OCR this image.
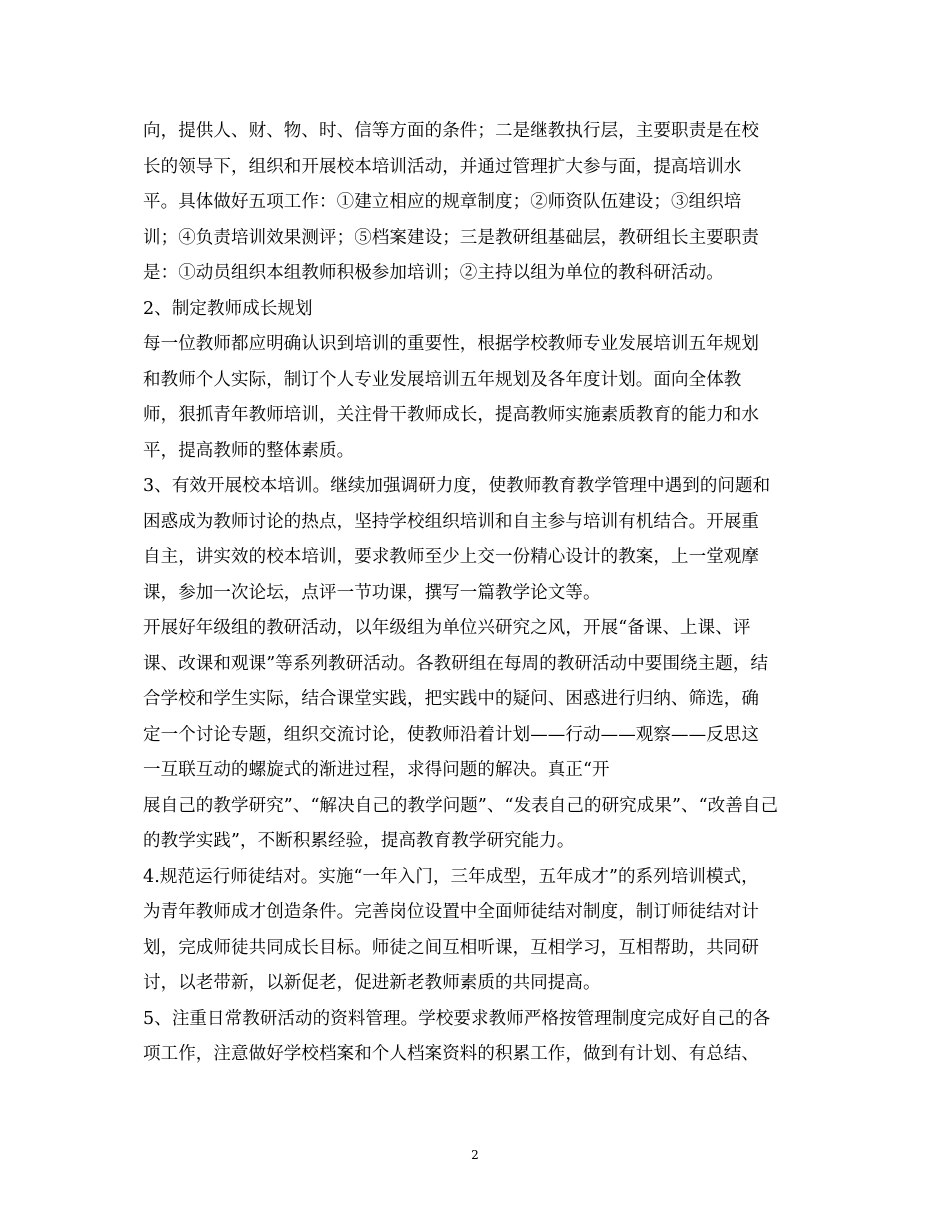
向，提供人、财、物、时、信等方面的条件；二是继教执行层，主要职责是在校
长的领导下，组织和开展校本培训活动，并通过管理扩大参与面，提高培训水
平。具体做好五项工作：①建立相应的规章制度；②师资队伍建设；③组织培
训；④负责培训效果测评；⑤档案建设；三是教研组基础层，教研组长主要职责
是：①动员组织本组教师积极参加培训；②主持以组为单位的教科研活动。
2、制定教师成长规划
每一位教师都应明确认识到培训的重要性，根据学校教师专业发展培训五年规划
和教师个人实际，制订个人专业发展培训五年规划及各年度计划。面向全体教
师，狠抓青年教师培训，关注骨干教师成长，提高教师实施素质教育的能力和水
平，提高教师的整体素质。
3、有效开展校本培训。继续加强调研力度，使教师教育教学管理中遇到的问题和
困惑成为教师讨论的热点，坚持学校组织培训和自主参与培训有机结合。开展重
自主，讲实效的校本培训，要求教师至少上交一份精心设计的教案，上一堂观摩
课，参加一次论坛，点评一节功课，撰写一篇教学论文等。
开展好年级组的教研活动，以年级组为单位兴研究之风，开展“备课、上课、评
课、改课和观课”等系列教研活动。各教研组在每周的教研活动中要围绕主题，结
合学校和学生实际，结合课堂实践，把实践中的疑问、困惑进行归纳、筛选，确
定一个讨论专题，组织交流讨论，使教师沿着计划——行动——观察——反思这
一互联互动的螺旋式的渐进过程，求得问题的解决。真正“开
展自己的教学研究”、“解决自己的教学问题”、“发表自己的研究成果”、“改善自己
的教学实践”，不断积累经验，提高教育教学研究能力。
4.规范运行师徒结对。实施“一年入门，三年成型，五年成才”的系列培训模式，
为青年教师成才创造条件。完善岗位设置中全面师徒结对制度，制订师徒结对计
划，完成师徒共同成长目标。师徒之间互相听课，互相学习，互相帮助，共同研
讨，以老带新，以新促老，促进新老教师素质的共同提高。
5、注重日常教研活动的资料管理。学校要求教师严格按管理制度完成好自己的各
项工作，注意做好学校档案和个人档案资料的积累工作，做到有计划、有总结、
2
